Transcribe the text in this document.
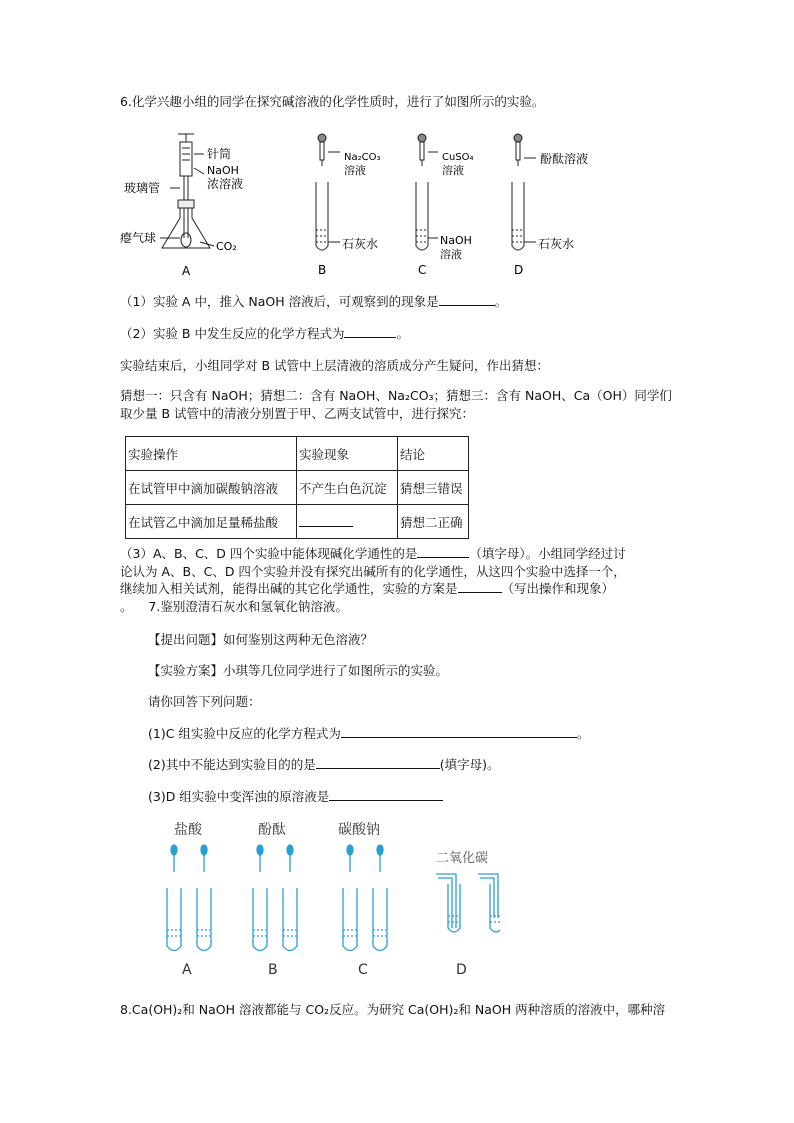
6.化学兴趣小组的同学在探究碱溶液的化学性质时，进行了如图所示的实验。
针筒
NaOH
浓溶液
玻璃管
瘪气球
CO₂
A
Na₂CO₃
溶液
石灰水
B
CuSO₄
溶液
NaOH
溶液
C
酚酞溶液
石灰水
D
（1）实验 A 中，推入 NaOH 溶液后，可观察到的现象是	。
（2）实验 B 中发生反应的化学方程式为	。
实验结束后，小组同学对 B 试管中上层清液的溶质成分产生疑问，作出猜想：
猜想一：只含有 NaOH；猜想二：含有 NaOH、Na₂CO₃；猜想三：含有 NaOH、Ca（OH）同学们
取少量 B 试管中的清液分别置于甲、乙两支试管中，进行探究：
实验操作	实验现象	结论
在试管甲中滴加碳酸钠溶液	不产生白色沉淀	猜想三错误
在试管乙中滴加足量稀盐酸		猜想二正确
（3）A、B、C、D 四个实验中能体现碱化学通性的是	（填字母）。小组同学经过讨
论认为 A、B、C、D 四个实验并没有探究出碱所有的化学通性，从这四个实验中选择一个，
继续加入相关试剂，能得出碱的其它化学通性，实验的方案是	（写出操作和现象）
。 7.鉴别澄清石灰水和氢氧化钠溶液。
【提出问题】如何鉴别这两种无色溶液？
【实验方案】小琪等几位同学进行了如图所示的实验。
请你回答下列问题：
(1)C 组实验中反应的化学方程式为	。
(2)其中不能达到实验目的的是	(填字母)。
(3)D 组实验中变浑浊的原溶液是
盐酸	酚酞	碳酸钠
二氧化碳
A	B	C	D
8.Ca(OH)₂和 NaOH 溶液都能与 CO₂反应。为研究 Ca(OH)₂和 NaOH 两种溶质的溶液中，哪种溶
